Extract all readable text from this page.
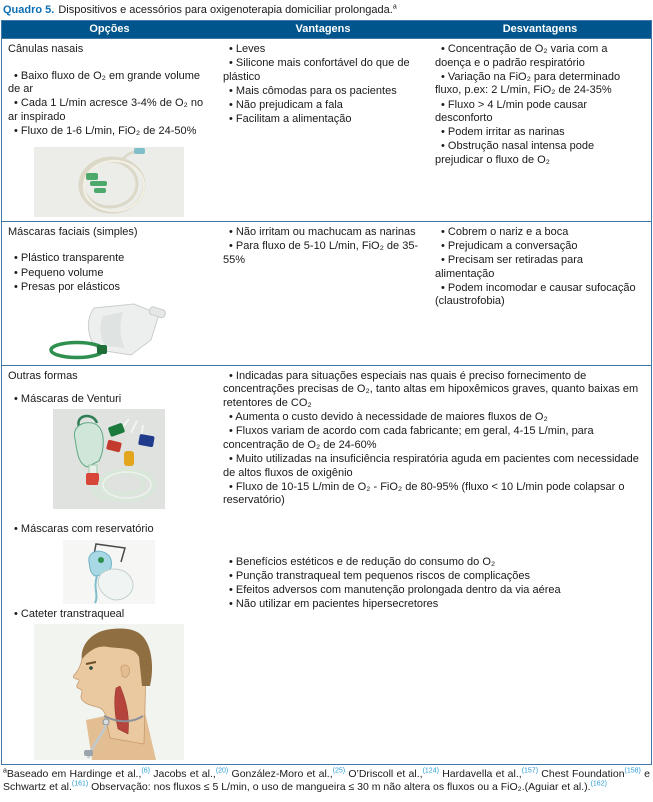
Quadro 5. Dispositivos e acessórios para oxigenoterapia domiciliar prolongada.$^a$
Opções	Vantagens	Desvantagens
Cânulas nasais
• Baixo fluxo de O₂ em grande volume de ar
• Cada 1 L/min acresce 3-4% de O₂ no ar inspirado
• Fluxo de 1-6 L/min, FiO₂ de 24-50%
• Leves
• Silicone mais confortável do que de plástico
• Mais cômodas para os pacientes
• Não prejudicam a fala
• Facilitam a alimentação
• Concentração de O₂ varia com a doença e o padrão respiratório
• Variação na FiO₂ para determinado fluxo, p.ex: 2 L/min, FiO₂ de 24-35%
• Fluxo > 4 L/min pode causar desconforto
• Podem irritar as narinas
• Obstrução nasal intensa pode prejudicar o fluxo de O₂
Máscaras faciais (simples)
• Plástico transparente
• Pequeno volume
• Presas por elásticos
• Não irritam ou machucam as narinas
• Para fluxo de 5-10 L/min, FiO₂ de 35-55%
• Cobrem o nariz e a boca
• Prejudicam a conversação
• Precisam ser retiradas para alimentação
• Podem incomodar e causar sufocação (claustrofobia)
Outras formas
• Máscaras de Venturi
• Máscaras com reservatório
• Cateter transtraqueal
• Indicadas para situações especiais nas quais é preciso fornecimento de concentrações precisas de O₂, tanto altas em hipoxêmicos graves, quanto baixas em retentores de CO₂
• Aumenta o custo devido à necessidade de maiores fluxos de O₂
• Fluxos variam de acordo com cada fabricante; em geral, 4-15 L/min, para concentração de O₂ de 24-60%
• Muito utilizadas na insuficiência respiratória aguda em pacientes com necessidade de altos fluxos de oxigênio
• Fluxo de 10-15 L/min de O₂ - FiO₂ de 80-95% (fluxo < 10 L/min pode colapsar o reservatório)
• Benefícios estéticos e de redução do consumo do O₂
• Punção transtraqueal tem pequenos riscos de complicações
• Efeitos adversos com manutenção prolongada dentro da via aérea
• Não utilizar em pacientes hipersecretores
$^a$Baseado em Hardinge et al.,$^{(6)}$ Jacobs et al.,$^{(20)}$ González-Moro et al.,$^{(25)}$ O’Driscoll et al.,$^{(124)}$ Hardavella et al.,$^{(157)}$ Chest Foundation$^{(158)}$ e Schwartz et al.$^{(161)}$ Observação: nos fluxos ≤ 5 L/min, o uso de mangueira ≤ 30 m não altera os fluxos ou a FiO₂.(Aguiar et al.).$^{(162)}$
